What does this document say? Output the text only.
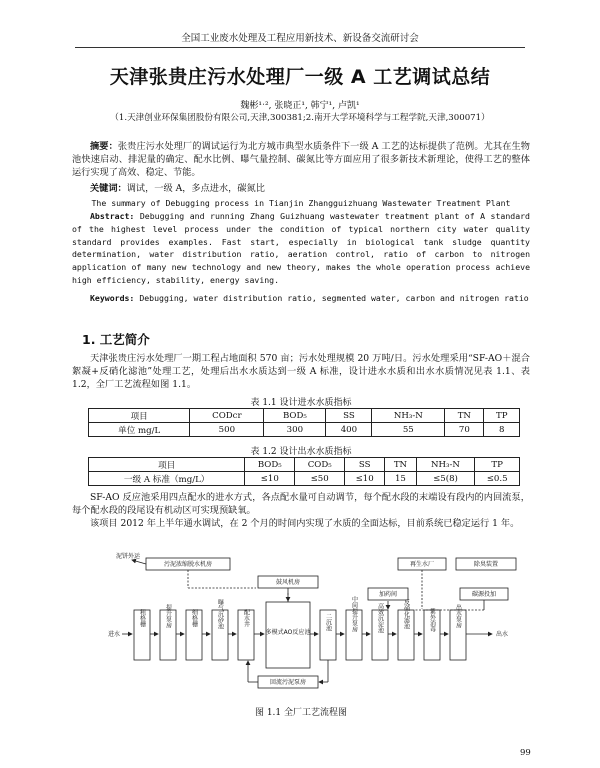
全国工业废水处理及工程应用新技术、新设备交流研讨会
天津张贵庄污水处理厂一级 A 工艺调试总结
魏彬¹ˑ², 张晓正¹, 韩宁¹, 卢凯¹
（1.天津创业环保集团股份有限公司,天津,300381;2.南开大学环境科学与工程学院,天津,300071）
摘要：张贵庄污水处理厂的调试运行为北方城市典型水质条件下一级 A 工艺的达标提供了范例。尤其在生物池快速启动、排泥量的确定、配水比例、曝气量控制、碳氮比等方面应用了很多新技术新理论，使得工艺的整体运行实现了高效、稳定、节能。
关键词：调试，一级 A，多点进水，碳氮比
The summary of Debugging process in Tianjin Zhangguizhuang Wastewater Treatment Plant
Abstract: Debugging and running Zhang Guizhuang wastewater treatment plant of A standard of the highest level process under the condition of typical northern city water quality standard provides examples. Fast start, especially in biological tank sludge quantity determination, water distribution ratio, aeration control, ratio of carbon to nitrogen application of many new technology and new theory, makes the whole operation process achieve high efficiency, stability, energy saving.
Keywords: Debugging, water distribution ratio, segmented water, carbon and nitrogen ratio
1. 工艺简介
天津张贵庄污水处理厂一期工程占地面积 570 亩；污水处理规模 20 万吨/日。污水处理采用“SF-AO＋混合絮凝+反硝化滤池”处理工艺，处理后出水水质达到一级 A 标准，设计进水水质和出水水质情况见表 1.1、表 1.2，全厂工艺流程如图 1.1。
表 1.1 设计进水水质指标
项目	CODcr	BOD₅	SS	NH₃-N	TN	TP
单位 mg/L	500	300	400	55	70	8
表 1.2 设计出水水质指标
项目	BOD₅	COD₅	SS	TN	NH₃-N	TP
一级 A 标准（mg/L）	≤10	≤50	≤10	15	≤5(8)	≤0.5
SF-AO 反应池采用四点配水的进水方式，各点配水量可自动调节，每个配水段的末端设有段内的内回流泵，每个配水段的段尾设有机动区可实现预缺氧。
该项目 2012 年上半年通水调试，在 2 个月的时间内实现了水质的全面达标，目前系统已稳定运行 1 年。
污泥浓缩脱水机房
鼓风机房
再生水厂	除臭装置
加药间	碳源投加
进水
粗格栅	提升泵房	细格栅	曝气沉砂池	配水井
多模式AO反应池
二沉池	中间提升泵房	高效沉淀池	反硝化滤池	紫外消毒	出水泵房
出水
回流污泥泵房
泥饼外运
图 1.1 全厂工艺流程图
99
